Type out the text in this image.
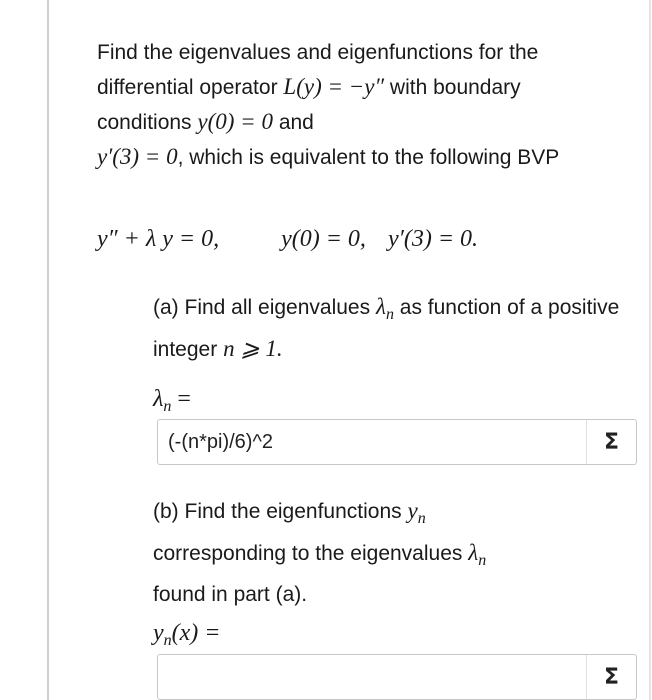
Find the eigenvalues and eigenfunctions for the differential operator L(y) = −y″ with boundary conditions y(0) = 0 and
y′(3) = 0, which is equivalent to the following BVP

y″ + λ y = 0,	y(0) = 0, y′(3) = 0.
(a) Find all eigenvalues $\lambda_n$ as function of a positive integer n ⩾ 1.
$\lambda_n$ =
(-(n*pi)/6)^2
Σ
(b) Find the eigenfunctions $y_n$
corresponding to the eigenvalues $\lambda_n$
found in part (a).
$y_n(x)$ =
Σ
